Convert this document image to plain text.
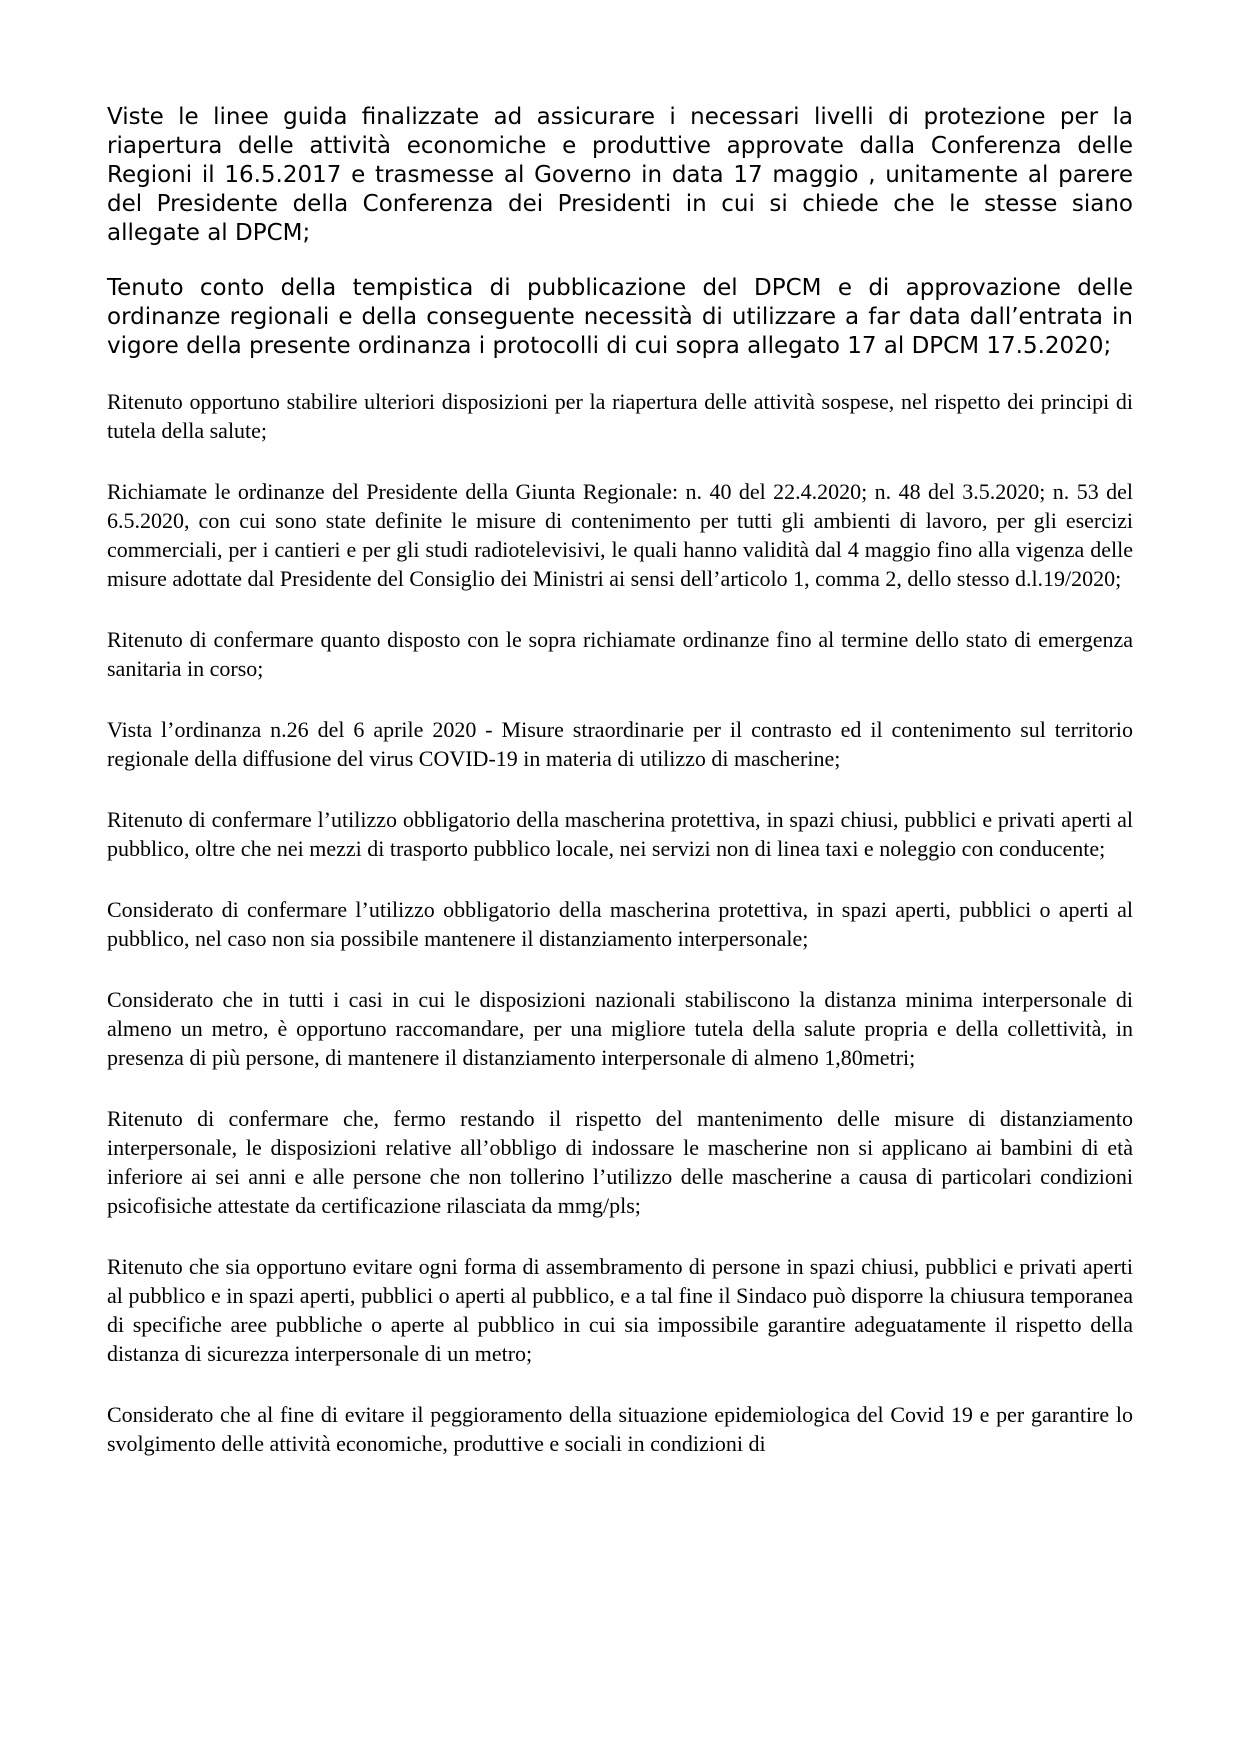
Viste le linee guida finalizzate ad assicurare i necessari livelli di protezione per la riapertura delle attività economiche e produttive approvate dalla Conferenza delle Regioni il 16.5.2017 e trasmesse al Governo in data 17 maggio , unitamente al parere del Presidente della Conferenza dei Presidenti in cui si chiede che le stesse siano allegate al DPCM;

Tenuto conto della tempistica di pubblicazione del DPCM e di approvazione delle ordinanze regionali e della conseguente necessità di utilizzare a far data dall’entrata in vigore della presente ordinanza i protocolli di cui sopra allegato 17 al DPCM 17.5.2020;

Ritenuto opportuno stabilire ulteriori disposizioni per la riapertura delle attività sospese, nel rispetto dei principi di tutela della salute;

Richiamate le ordinanze del Presidente della Giunta Regionale: n. 40 del 22.4.2020; n. 48 del 3.5.2020; n. 53 del 6.5.2020, con cui sono state definite le misure di contenimento per tutti gli ambienti di lavoro, per gli esercizi commerciali, per i cantieri e per gli studi radiotelevisivi, le quali hanno validità dal 4 maggio fino alla vigenza delle misure adottate dal Presidente del Consiglio dei Ministri ai sensi dell’articolo 1, comma 2, dello stesso d.l.19/2020;

Ritenuto di confermare quanto disposto con le sopra richiamate ordinanze fino al termine dello stato di emergenza sanitaria in corso;

Vista l’ordinanza n.26 del 6 aprile 2020 - Misure straordinarie per il contrasto ed il contenimento sul territorio regionale della diffusione del virus COVID-19 in materia di utilizzo di mascherine;

Ritenuto di confermare l’utilizzo obbligatorio della mascherina protettiva, in spazi chiusi, pubblici e privati aperti al pubblico, oltre che nei mezzi di trasporto pubblico locale, nei servizi non di linea taxi e noleggio con conducente;

Considerato di confermare l’utilizzo obbligatorio della mascherina protettiva, in spazi aperti, pubblici o aperti al pubblico, nel caso non sia possibile mantenere il distanziamento interpersonale;

Considerato che in tutti i casi in cui le disposizioni nazionali stabiliscono la distanza minima interpersonale di almeno un metro, è opportuno raccomandare, per una migliore tutela della salute propria e della collettività, in presenza di più persone, di mantenere il distanziamento interpersonale di almeno 1,80metri;

Ritenuto di confermare che, fermo restando il rispetto del mantenimento delle misure di distanziamento interpersonale, le disposizioni relative all’obbligo di indossare le mascherine non si applicano ai bambini di età inferiore ai sei anni e alle persone che non tollerino l’utilizzo delle mascherine a causa di particolari condizioni psicofisiche attestate da certificazione rilasciata da mmg/pls;

Ritenuto che sia opportuno evitare ogni forma di assembramento di persone in spazi chiusi, pubblici e privati aperti al pubblico e in spazi aperti, pubblici o aperti al pubblico, e a tal fine il Sindaco può disporre la chiusura temporanea di specifiche aree pubbliche o aperte al pubblico in cui sia impossibile garantire adeguatamente il rispetto della distanza di sicurezza interpersonale di un metro;

Considerato che al fine di evitare il peggioramento della situazione epidemiologica del Covid 19 e per garantire lo svolgimento delle attività economiche, produttive e sociali in condizioni di
